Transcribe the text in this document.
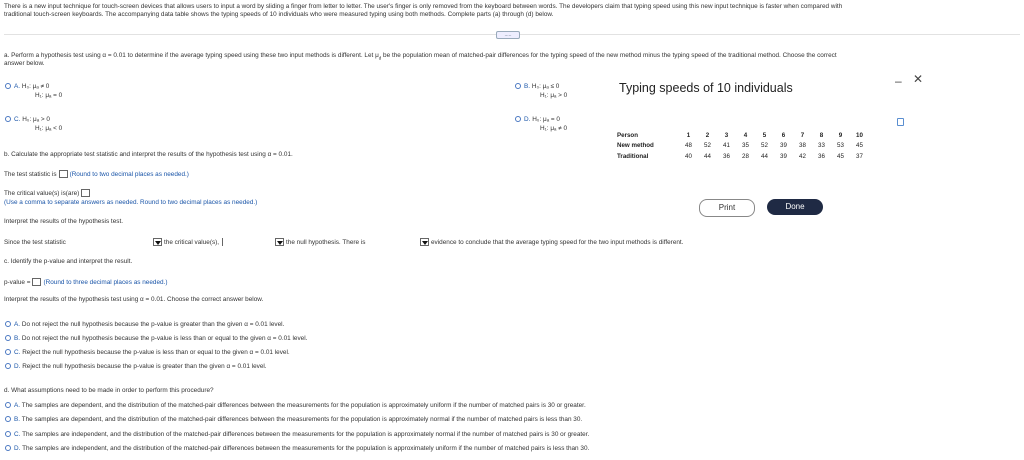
There is a new input technique for touch-screen devices that allows users to input a word by sliding a finger from letter to letter. The user's finger is only removed from the keyboard between words. The developers claim that typing speed using this new input technique is faster when compared with
traditional touch-screen keyboards. The accompanying data table shows the typing speeds of 10 individuals who were measured typing using both methods. Complete parts (a) through (d) below.
.....
a. Perform a hypothesis test using α = 0.01 to determine if the average typing speed using these two input methods is different. Let $\mu_d$ be the population mean of matched-pair differences for the typing speed of the new method minus the typing speed of the traditional method. Choose the correct
answer below.
A. H₀: μₐ ≠ 0
H₁: μₐ = 0
B. H₀: μₐ ≤ 0
H₁: μₐ > 0
C. H₀: μₐ > 0
H₁: μₐ < 0
D. H₀: μₐ = 0
H₁: μₐ ≠ 0
b. Calculate the appropriate test statistic and interpret the results of the hypothesis test using α = 0.01.
The test statistic is (Round to two decimal places as needed.)
The critical value(s) is(are)
(Use a comma to separate answers as needed. Round to two decimal places as needed.)
Interpret the results of the hypothesis test.
Since the test statistic	the critical value(s),	the null hypothesis. There is	evidence to conclude that the average typing speed for the two input methods is different.
c. Identify the p-value and interpret the result.
p-value = (Round to three decimal places as needed.)
Interpret the results of the hypothesis test using α = 0.01. Choose the correct answer below.
A. Do not reject the null hypothesis because the p-value is greater than the given α = 0.01 level.
B. Do not reject the null hypothesis because the p-value is less than or equal to the given α = 0.01 level.
C. Reject the null hypothesis because the p-value is less than or equal to the given α = 0.01 level.
D. Reject the null hypothesis because the p-value is greater than the given α = 0.01 level.
d. What assumptions need to be made in order to perform this procedure?
A. The samples are dependent, and the distribution of the matched-pair differences between the measurements for the population is approximately uniform if the number of matched pairs is 30 or greater.
B. The samples are dependent, and the distribution of the matched-pair differences between the measurements for the population is approximately normal if the number of matched pairs is less than 30.
C. The samples are independent, and the distribution of the matched-pair differences between the measurements for the population is approximately normal if the number of matched pairs is 30 or greater.
D. The samples are independent, and the distribution of the matched-pair differences between the measurements for the population is approximately uniform if the number of matched pairs is less than 30.
Typing speeds of 10 individuals	– ✕
Person	1	2	3	4	5	6	7	8	9	10
New method	48	52	41	35	52	39	38	33	53	45
Traditional	40	44	36	28	44	39	42	36	45	37
Print	Done
